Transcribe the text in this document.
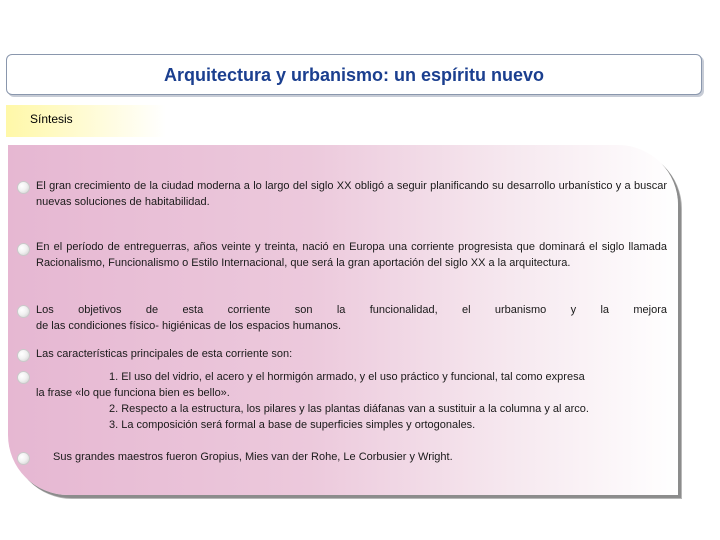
Arquitectura y urbanismo: un espíritu nuevo
Síntesis
El gran crecimiento de la ciudad moderna a lo largo del siglo XX obligó a seguir planificando su desarrollo urbanístico y a buscar nuevas soluciones de habitabilidad.
En el período de entreguerras, años veinte y treinta, nació en Europa una corriente progresista que dominará el siglo llamada Racionalismo, Funcionalismo o Estilo Internacional, que será la gran aportación del siglo XX a la arquitectura.
Los objetivos de esta corriente son la funcionalidad, el urbanismo y la mejora
de las condiciones físico- higiénicas de los espacios humanos.
Las características principales de esta corriente son:
1. El uso del vidrio, el acero y el hormigón armado, y el uso práctico y funcional, tal como expresa
la frase «lo que funciona bien es bello».
2. Respecto a la estructura, los pilares y las plantas diáfanas van a sustituir a la columna y al arco.
3. La composición será formal a base de superficies simples y ortogonales.
Sus grandes maestros fueron Gropius, Mies van der Rohe, Le Corbusier y Wright.
